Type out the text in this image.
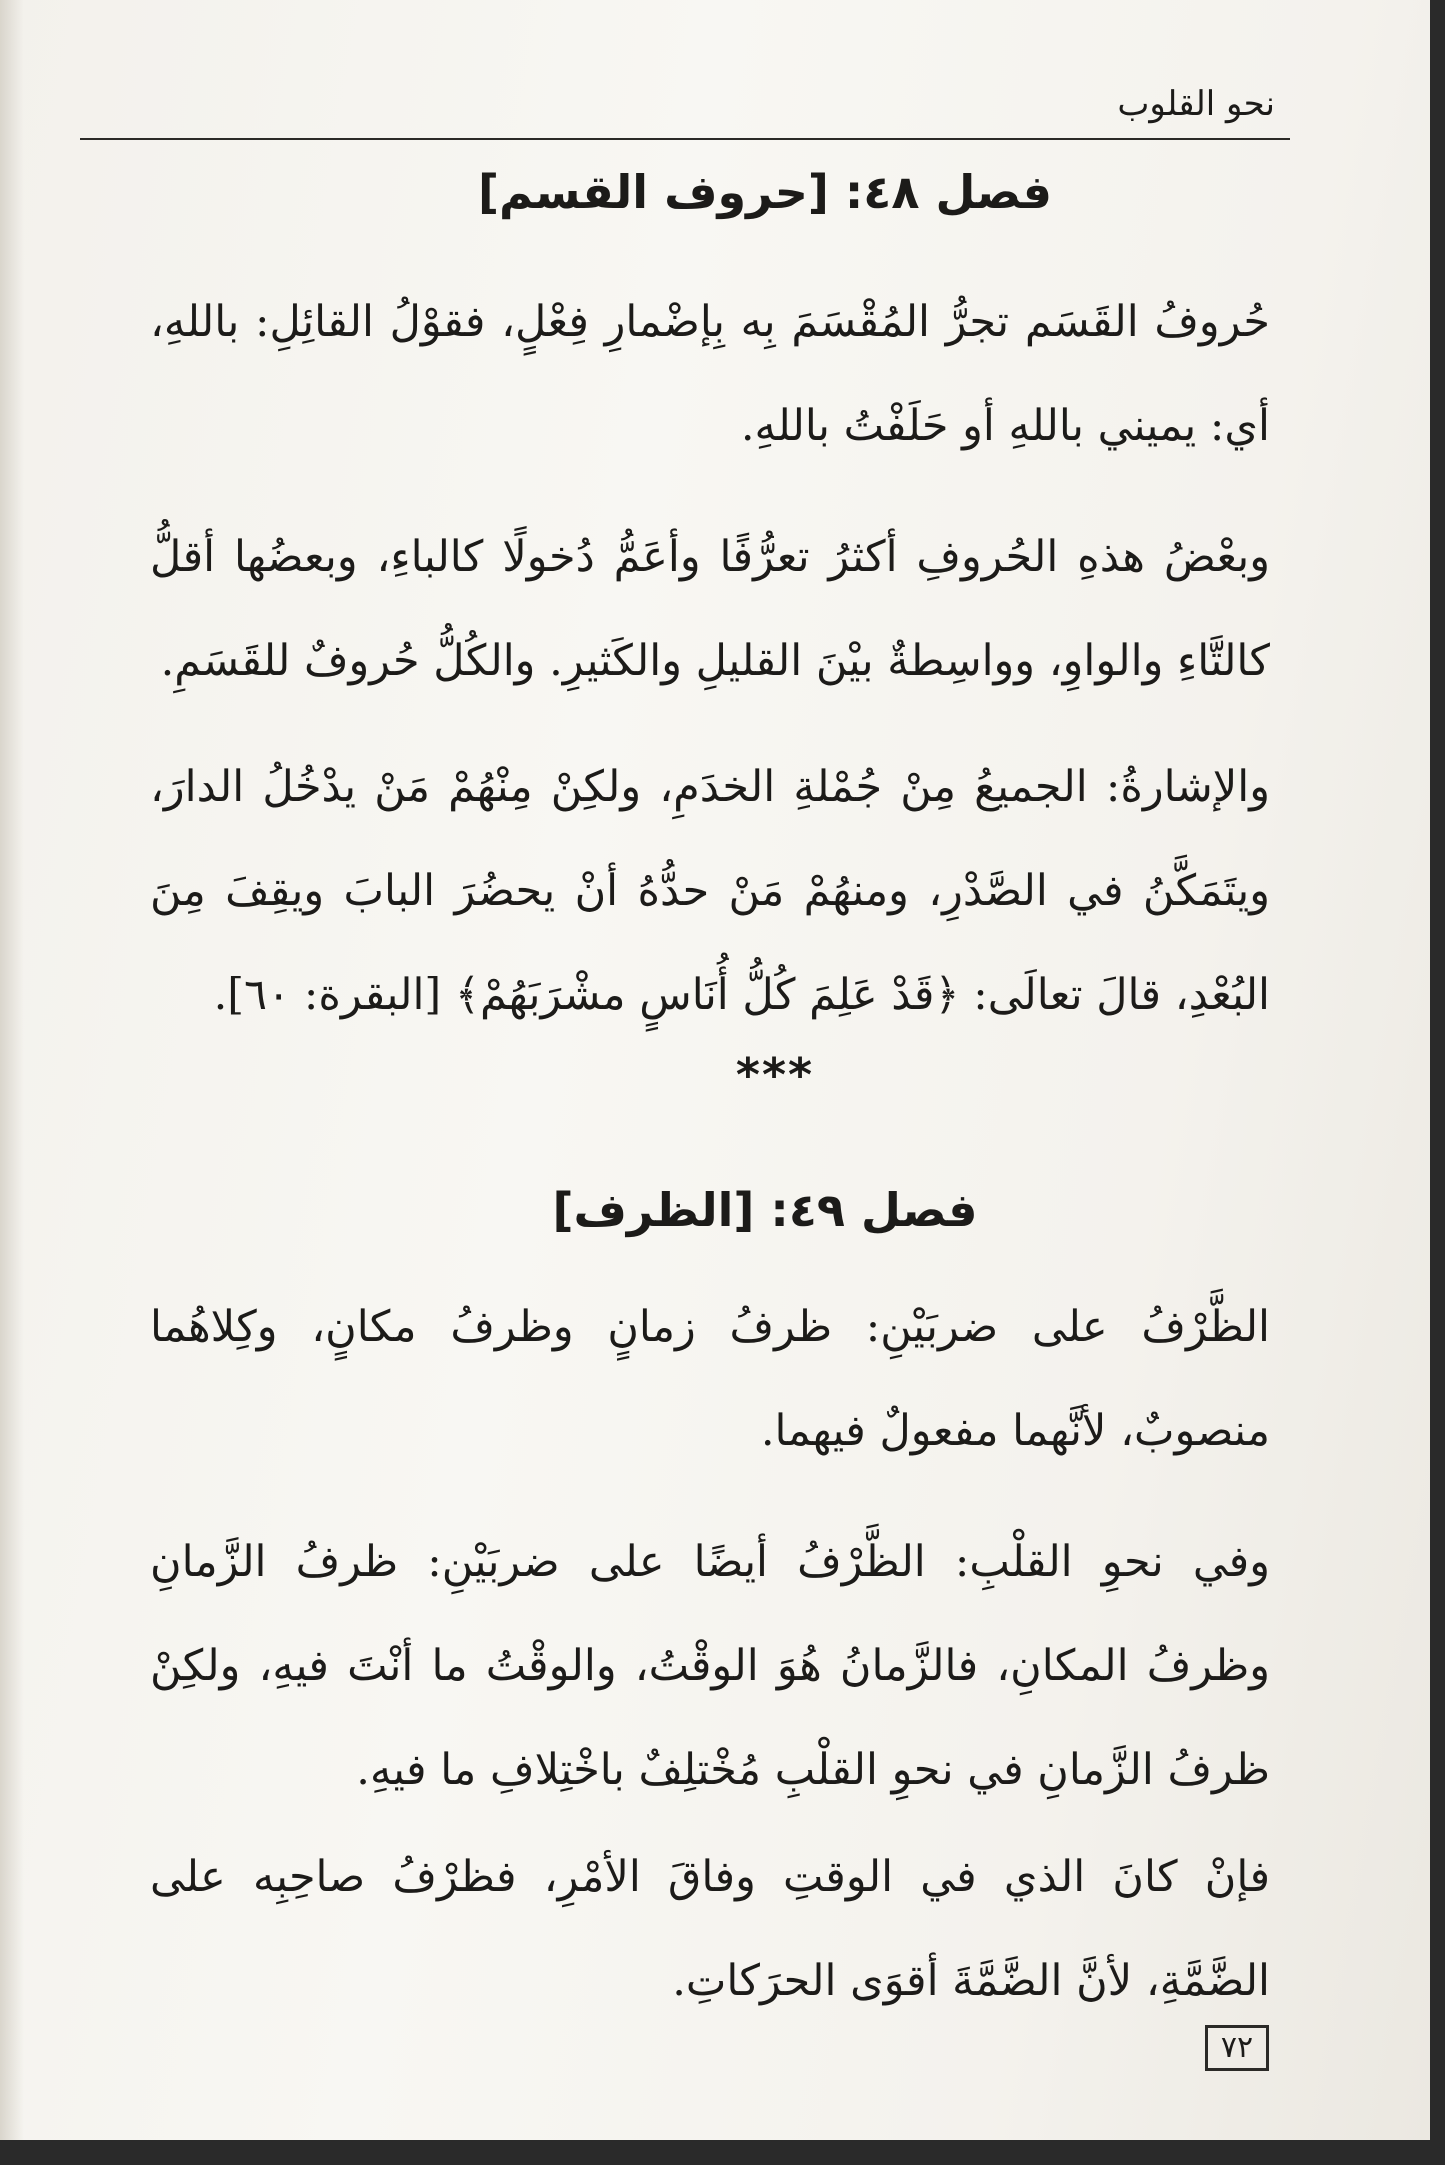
نحو القلوب
فصل ٤٨: [حروف القسم]

حُروفُ القَسَم تجرُّ المُقْسَمَ بِه بِإضْمارِ فِعْلٍ، فقوْلُ القائِلِ: باللهِ، أي: يميني باللهِ أو حَلَفْتُ باللهِ.

وبعْضُ هذهِ الحُروفِ أكثرُ تعرُّفًا وأعَمُّ دُخولًا كالباءِ، وبعضُها أقلُّ كالتَّاءِ والواوِ، وواسِطةٌ بيْنَ القليلِ والكَثيرِ. والكُلُّ حُروفٌ للقَسَمِ.

والإشارةُ: الجميعُ مِنْ جُمْلةِ الخدَمِ، ولكِنْ مِنْهُمْ مَنْ يدْخُلُ الدارَ، ويتَمَكَّنُ في الصَّدْرِ، ومنهُمْ مَنْ حدُّهُ أنْ يحضُرَ البابَ ويقِفَ مِنَ البُعْدِ، قالَ تعالَى: ﴿قَدْ عَلِمَ كُلُّ أُنَاسٍ مشْرَبَهُمْ﴾ [البقرة: ٦٠].

***
فصل ٤٩: [الظرف]

الظَّرْفُ على ضربَيْنِ: ظرفُ زمانٍ وظرفُ مكانٍ، وكِلاهُما منصوبٌ، لأنَّهما مفعولٌ فيهما.

وفي نحوِ القلْبِ: الظَّرْفُ أيضًا على ضربَيْنِ: ظرفُ الزَّمانِ وظرفُ المكانِ، فالزَّمانُ هُوَ الوقْتُ، والوقْتُ ما أنْتَ فيهِ، ولكِنْ ظرفُ الزَّمانِ في نحوِ القلْبِ مُخْتلِفٌ باخْتِلافِ ما فيهِ.

فإنْ كانَ الذي في الوقتِ وفاقَ الأمْرِ، فظرْفُ صاحِبِه على الضَّمَّةِ، لأنَّ الضَّمَّةَ أقوَى الحرَكاتِ.

٧٢
